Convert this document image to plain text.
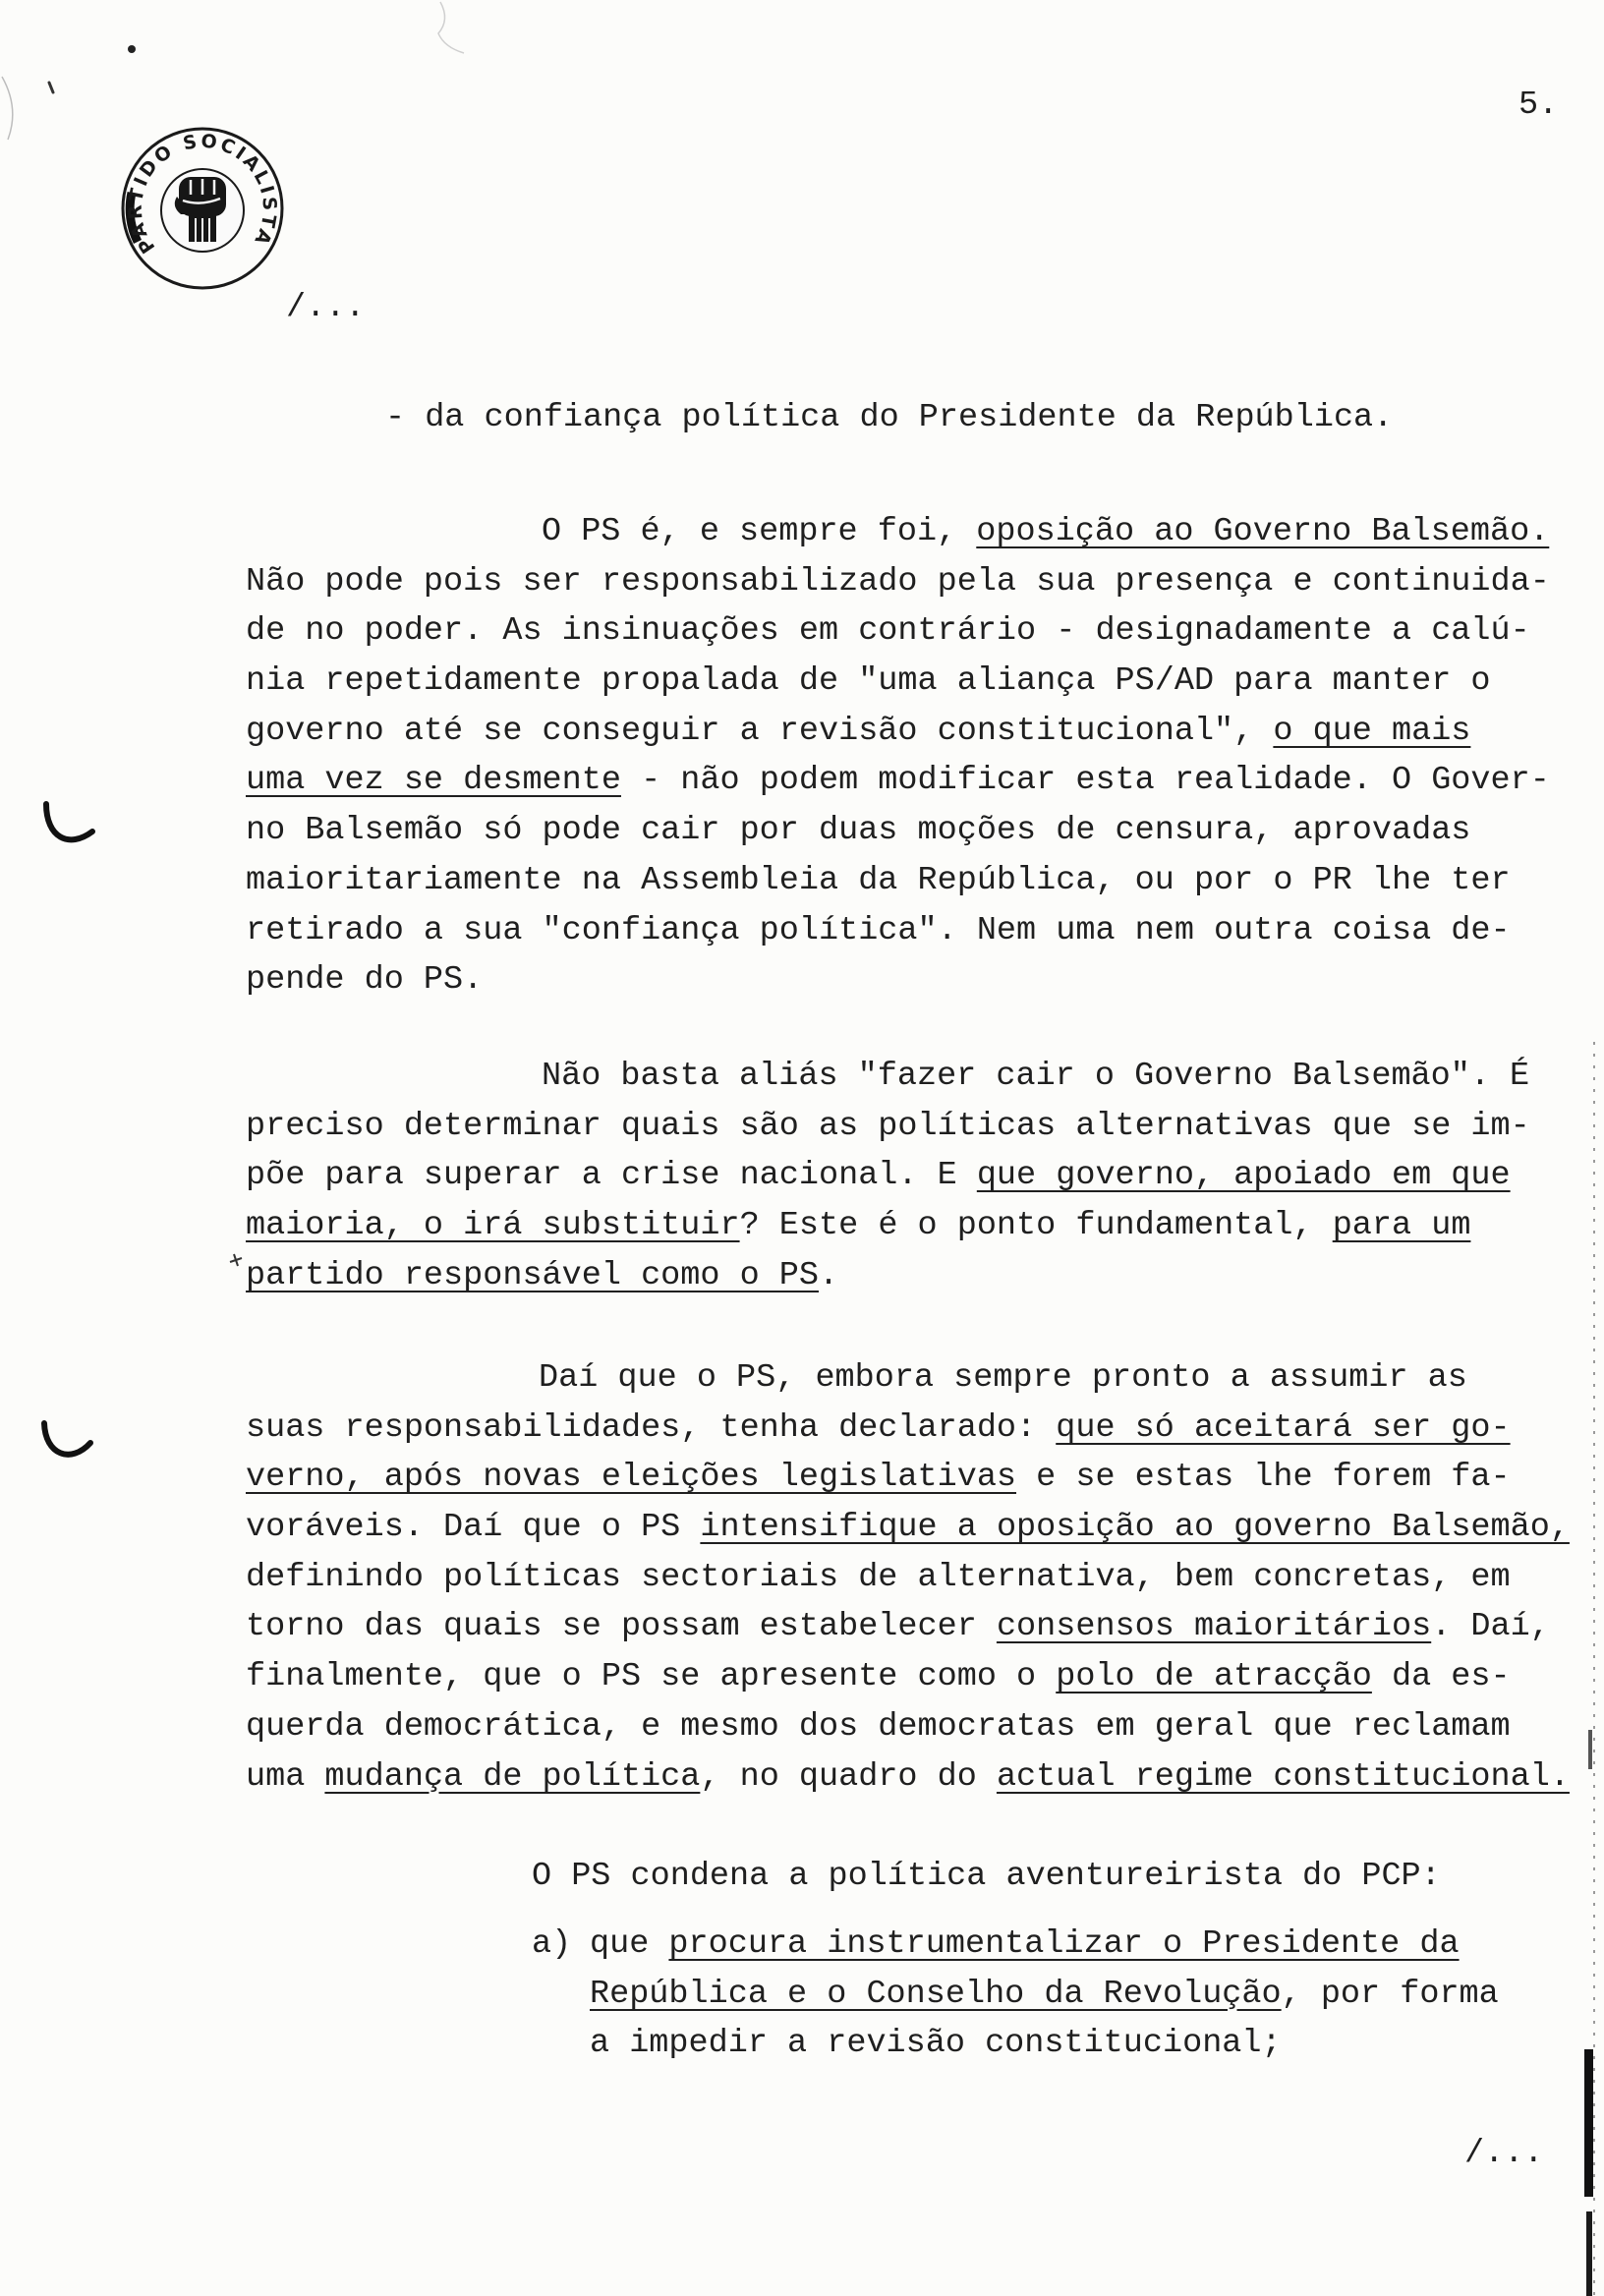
5.
PARTIDO SOCIALISTA
/...
- da confiança política do Presidente da República.
O PS é, e sempre foi, oposição ao Governo Balsemão.
Não pode pois ser responsabilizado pela sua presença e continuida-
de no poder. As insinuações em contrário - designadamente a calú-
nia repetidamente propalada de "uma aliança PS/AD para manter o
governo até se conseguir a revisão constitucional", o que mais
uma vez se desmente - não podem modificar esta realidade. O Gover-
no Balsemão só pode cair por duas moções de censura, aprovadas
maioritariamente na Assembleia da República, ou por o PR lhe ter
retirado a sua "confiança política". Nem uma nem outra coisa de-
pende do PS.
Não basta aliás "fazer cair o Governo Balsemão". É
preciso determinar quais são as políticas alternativas que se im-
põe para superar a crise nacional. E que governo, apoiado em que
maioria, o irá substituir? Este é o ponto fundamental, para um
partido responsável como o PS.
Daí que o PS, embora sempre pronto a assumir as
suas responsabilidades, tenha declarado: que só aceitará ser go-
verno, após novas eleições legislativas e se estas lhe forem fa-
voráveis. Daí que o PS intensifique a oposição ao governo Balsemão,
definindo políticas sectoriais de alternativa, bem concretas, em
torno das quais se possam estabelecer consensos maioritários. Daí,
finalmente, que o PS se apresente como o polo de atracção da es-
querda democrática, e mesmo dos democratas em geral que reclamam
uma mudança de política, no quadro do actual regime constitucional.
O PS condena a política aventureirista do PCP:
a) que procura instrumentalizar o Presidente da
República e o Conselho da Revolução, por forma
a impedir a revisão constitucional;
/...
